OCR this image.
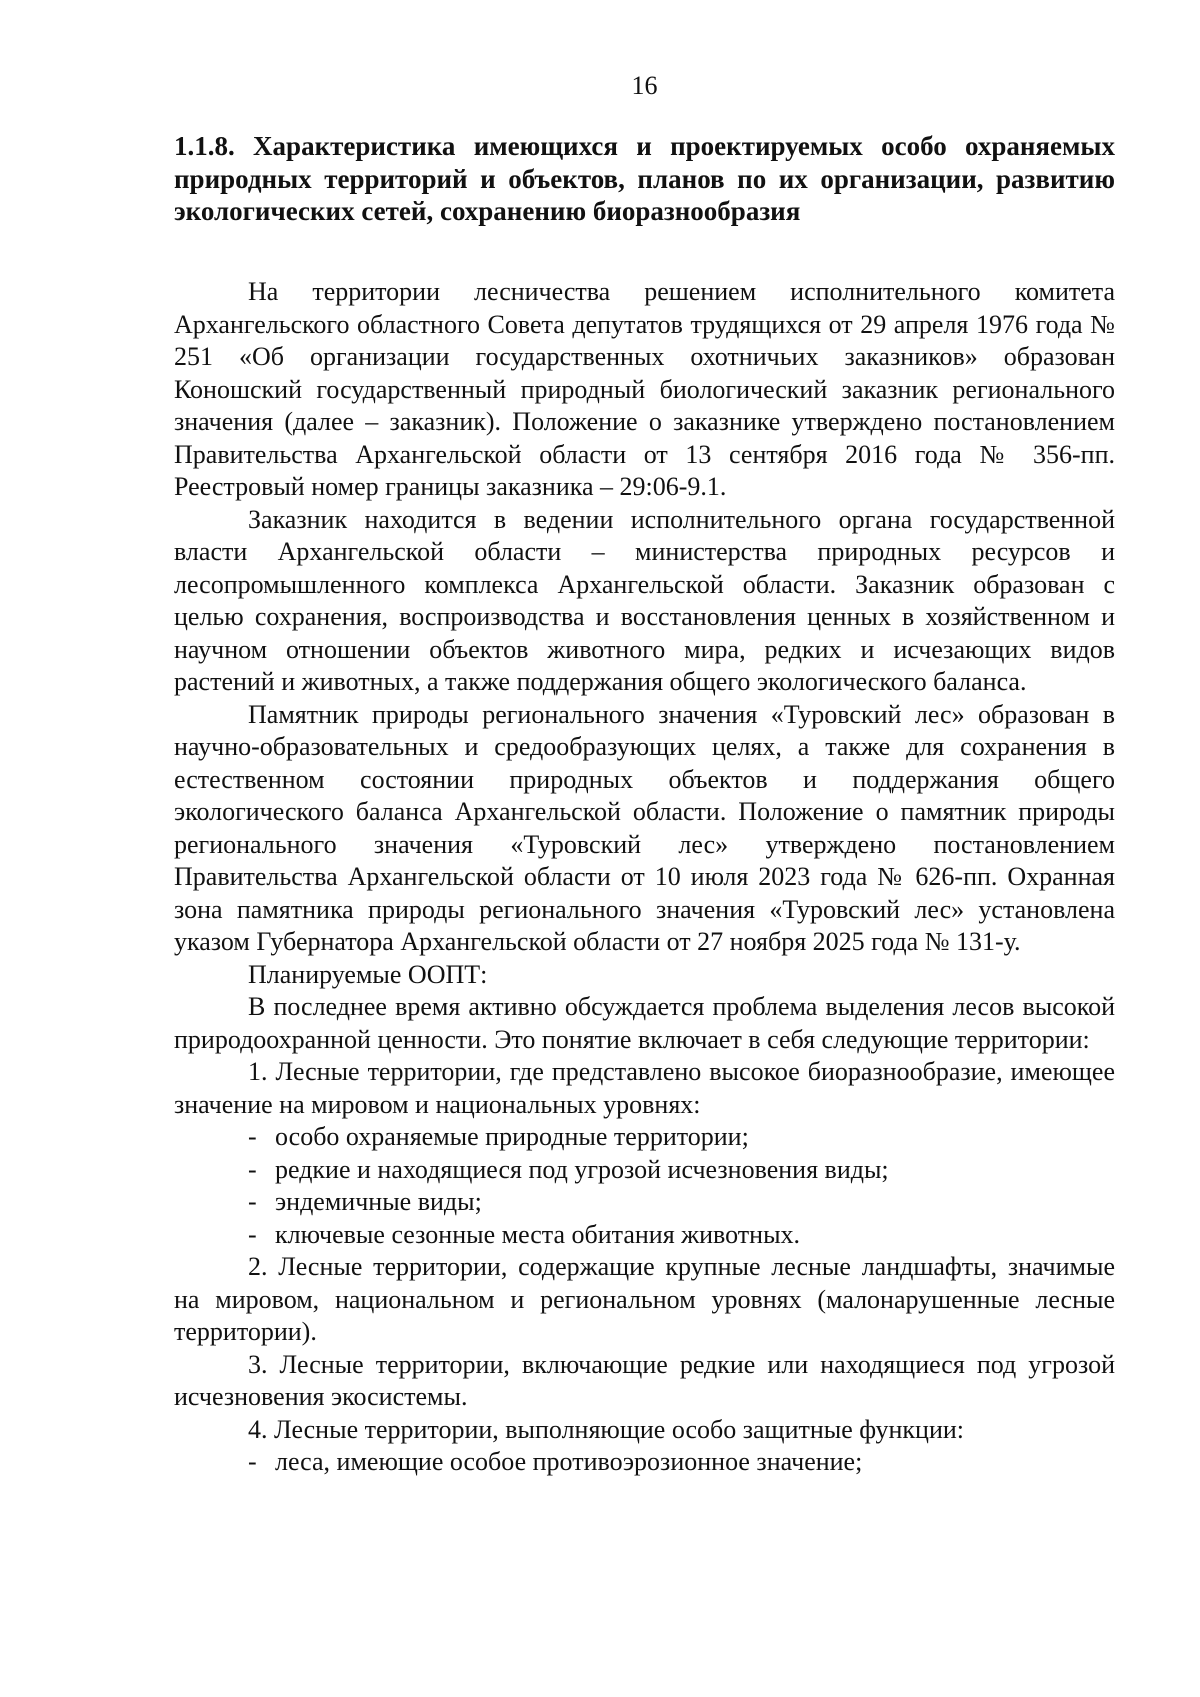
16
1.1.8. Характеристика имеющихся и проектируемых особо охраняемых природных территорий и объектов, планов по их организации, развитию экологических сетей, сохранению биоразнообразия

На территории лесничества решением исполнительного комитета Архангельского областного Совета депутатов трудящихся от 29 апреля 1976 года № 251 «Об организации государственных охотничьих заказников» образован Коношский государственный природный биологический заказник регионального значения (далее – заказник). Положение о заказнике утверждено постановлением Правительства Архангельской области от 13 сентября 2016 года № 356-пп. Реестровый номер границы заказника – 29:06-9.1.

Заказник находится в ведении исполнительного органа государственной власти Архангельской области – министерства природных ресурсов и лесопромышленного комплекса Архангельской области. Заказник образован с целью сохранения, воспроизводства и восстановления ценных в хозяйственном и научном отношении объектов животного мира, редких и исчезающих видов растений и животных, а также поддержания общего экологического баланса.

Памятник природы регионального значения «Туровский лес» образован в научно-образовательных и средообразующих целях, а также для сохранения в естественном состоянии природных объектов и поддержания общего экологического баланса Архангельской области. Положение о памятник природы регионального значения «Туровский лес» утверждено постановлением Правительства Архангельской области от 10 июля 2023 года № 626-пп. Охранная зона памятника природы регионального значения «Туровский лес» установлена указом Губернатора Архангельской области от 27 ноября 2025 года № 131-у.

Планируемые ООПТ:

В последнее время активно обсуждается проблема выделения лесов высокой природоохранной ценности. Это понятие включает в себя следующие территории:

1. Лесные территории, где представлено высокое биоразнообразие, имеющее значение на мировом и национальных уровнях:

- особо охраняемые природные территории;

- редкие и находящиеся под угрозой исчезновения виды;

- эндемичные виды;

- ключевые сезонные места обитания животных.

2. Лесные территории, содержащие крупные лесные ландшафты, значимые на мировом, национальном и региональном уровнях (малонарушенные лесные территории).

3. Лесные территории, включающие редкие или находящиеся под угрозой исчезновения экосистемы.

4. Лесные территории, выполняющие особо защитные функции:

- леса, имеющие особое противоэрозионное значение;
